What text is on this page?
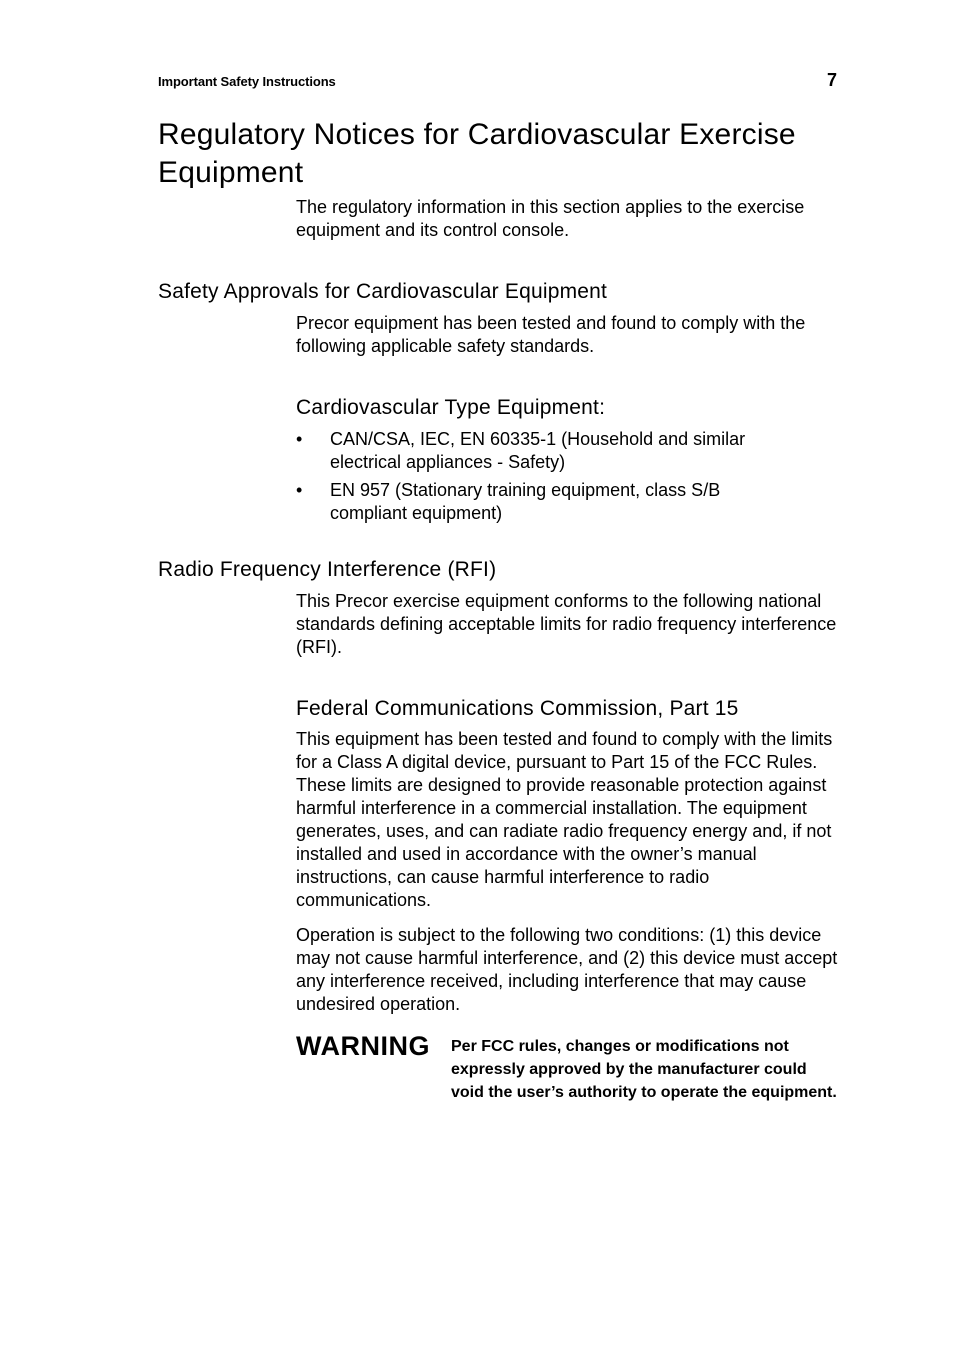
Important Safety Instructions	7
Regulatory Notices for Cardiovascular Exercise Equipment

The regulatory information in this section applies to the exercise equipment and its control console.

Safety Approvals for Cardiovascular Equipment

Precor equipment has been tested and found to comply with the following applicable safety standards.

Cardiovascular Type Equipment:
• CAN/CSA, IEC, EN 60335-1 (Household and similar electrical appliances - Safety)
• EN 957 (Stationary training equipment, class S/B compliant equipment)
Radio Frequency Interference (RFI)

This Precor exercise equipment conforms to the following national standards defining acceptable limits for radio frequency interference (RFI).

Federal Communications Commission, Part 15

This equipment has been tested and found to comply with the limits for a Class A digital device, pursuant to Part 15 of the FCC Rules. These limits are designed to provide reasonable protection against harmful interference in a commercial installation. The equipment generates, uses, and can radiate radio frequency energy and, if not installed and used in accordance with the owner’s manual instructions, can cause harmful interference to radio communications.

Operation is subject to the following two conditions: (1) this device may not cause harmful interference, and (2) this device must accept any interference received, including interference that may cause undesired operation.

WARNING Per FCC rules, changes or modifications not expressly approved by the manufacturer could void the user’s authority to operate the equipment.
